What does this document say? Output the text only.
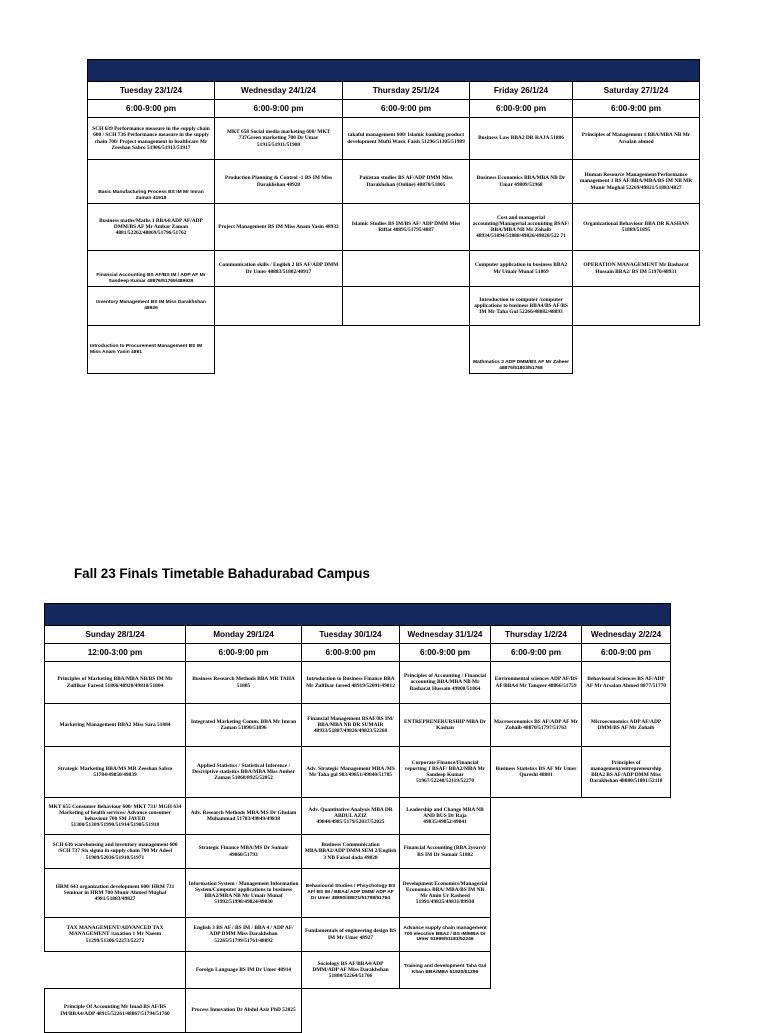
Tuesday 23/1/24	Wednesday 24/1/24	Thursday 25/1/24	Friday 26/1/24	Saturday 27/1/24
6:00-9:00 pm	6:00-9:00 pm	6:00-9:00 pm	6:00-9:00 pm	6:00-9:00 pm
SCH 639 Performance measure in the supply chain 600 / SCH 736 Performance measure in the supply chain 700/ Project management in healthcare Mr Zeeshan Sabro 51906/51913/51917	MKT 658 Social media marketing 600/ MKT 737Green marketing 700 Dr Umar 51915/51911/51908	takaful management 600/ Islamic banking product development Mufti Wasic Faish 51296/51305/51989	Business Law BBA2 DR RAJA 51886	Principles of Management 1 BBA/MBA NB Mr Arsalan ahmed
Basic Manufacturing Process BS IM Mr Imran Zaman 41918	Production Planning & Control -1 BS IM Miss Darakhshan 48928	Pakistan studies BS AF/ADP DMM Miss Darakhshan (Online) 48878/51805	Business Economics BBA/MBA NB Dr Umar 49809/51968	Human Resource Management/Performance management 1 BS AF/BBA/MBA/BS IM NB MR Munir Mughal 52269/49821/51883/4827
Business maths/Maths 1 BBA4/ADP AF/ADP DMM/BS AF Mr Ambar Zaman 4881/52262/48869/51796/51762	Project Management BS IM Miss Anam Yasin 48932	Islamic Studies BS IM/BS AF/ ADP DMM Miss Riffat 48895/51795/4887	Cost and managerial accounting/Managerial accounting BSAF/ BBA/MBA NB Mr Zohaib 48934/51894/51888/49826/49820/522 71	Organizational Behaviour BBA DR KASHAN 51889/51895
Financial Accounting BS AF/BS IM / ADP AF Mr Sandeep Kumar 48876/51769/489929	Communication skills / English 2 BS AF/ADP DMM Dr Umer 48883/51802/48917		Computer application in business BBA2 Mr Umair Munaf 51869	OPERATION MANAGEMENT Mr Basharat Hussain BBA2/ BS IM 51970/48931
Inventory Management BS IM Miss Darakhshan 48926			Introduction to computer /computer applications to business BBA4/BS AF/BS IM Mr Taha Gul 52266/48882/48893	
Introduction to Procurement Management BS IM Miss Anam Yasin 4891			Mathmatics 2 ADP DMM/BS AF Mr Zaheer 48875/51803/51768	
Fall 23 Finals Timetable Bahadurabad Campus

Sunday 28/1/24	Monday 29/1/24	Tuesday 30/1/24	Wednesday 31/1/24	Thursday 1/2/24	Wednesday 2/2/24
12:00-3:00 pm	6:00-9:00 pm	6:00-9:00 pm	6:00-9:00 pm	6:00-9:00 pm	6:00-9:00 pm
Principles of Marketing BBA/MBA NB/BS IM Mr Zulfikar Fareed 51866/48920/49810/51804	Business Research Methods BBA MR TAHA 51885	Introduction to Business Finance BBA Mr Zulfikar fareed 48919/52091/49812	Principles of Accounting / Financial accounting BBA/MBA NB Mr Basharat Hussain 49808/51864	Environmental sciences ADP AF/BS AF/BBA4 Mr Tanqeer 48866/51759	Behavioural Sciences BS AF/ADP AF Mr Arsalan Ahmed 8877/51770
Markering Management BBA2 Miss Sara 51884	Integrated Marketing Comm. BBA Mr Imran Zaman 51890/51896	Financial Management BSAF/BS IM/ BBA/MBA NB DR SUMAIR 48933/51887/49826/49823/52268	ENTREPRENERURSHIP MBA Dr Kashan	Macroeconomics BS AF/ADP AF Mr Zohaib 48870/51797/51763	Microeconomics ADP AF/ADP DMM/BS AF Mr Zohaib
Strategic Marketing BBA/MS MR Zeeshan Sabro 51784/49850/49839	Applied Statistics / Statistical Inference / Descriptive statistics BBA/MBA Miss Amber Zaman 51868/8925/52052	Adv. Strategic Management MBA /MS Mr Taha gul 983/49851/49840/51785	Corporate Finance/Financial reporting 1 BSAF/ BBA2/MBA Mr Sandeep Kumar 51967/52248/52119/52270	Business Statistics BS AF Mr Umer Qureshi 48881	Principles of management/entrepreneurship BBA2 BS AF/ADP DMM Miss Darakhshan 48880/51801/52118
MKT 655 Consumer Behaviour 600/ MKT 731/ MGH 634 Marketing of health services/ Advance consumer behaviour 700 SM JAVED 51300/51309/51990/51914/51905/51918	Adv. Research Methods MBA/MS Dr Ghulam Muhammad 51783/49849/49838	Adv. Quantitative Analysis MBA DR ABDUL AZIZ 49844/4985/5179/52037/52025	Leadership and Change MBA NB AND BUS Dr Raja 49835/49852/49841		
SCH 636 warehousing and inventory management 600 /SCH 737 Six sigma in supply chain 700 Mr Adeel 51909/52036/51910/51971	Strategic Finance MBA/MS Dr Sumair 49860/51793	Business Communication MBA/BBA2/ADP DMM SEM 2/English 3 NB Faisal dada 49828	Financial Accounting (BBA 2years)/ BS IM Dr Sumair 51882		
HRM 643 organization development 600/ HRM 731 Seminar in HRM 700 Munir Ahmed Mughal 4981/51883/49827	Information System / Management Information System/Computer applications to business BBA2/MBA NB Mr Umair Munaf 51992/51998/49824/49830	Behavioural Studies / Phsychology BS AF/ BS IM / BBA4/ ADP DMM/ ADP AF Dr Umer 48890/48871/51798/51764	Development Economics/Managerial Economics BBA/ MBA/BS IM NB Mr Amin Ur Rasheed 51991/49825/49831/89930		
TAX MANAGEMENT/ADVANCED TAX MANAGEMENT /taxation 1 Mr Naeem 51299/51306/52273/52272	English 3 BS AF / BS IM / BBA 4 / ADP AF/ ADP DMM Miss Darakhshan 52265/51799/51761/48892	Fundamentals of engineering design BS IM Mr Umer 48927	Advance supply chain management 700 elecctive BBA2 / BS IM/MBA Dr Umer 51999/51183/52246		
	Foreign Language BS IM Dr Umer 48914	Sociology BS AF/BBA4/ADP DMM/ADP AF Miss Darakhshan 51800/52264/51766	Training and development Taha Gul Khan BBA/MBA 51920/51296		
Principle Of Accounting Mr Imad BS AF/BS IM/BBA4/ADP 48915/52261/48867/51794/51760	Process Innovation Dr Abdul Aziz PhD 52025				
